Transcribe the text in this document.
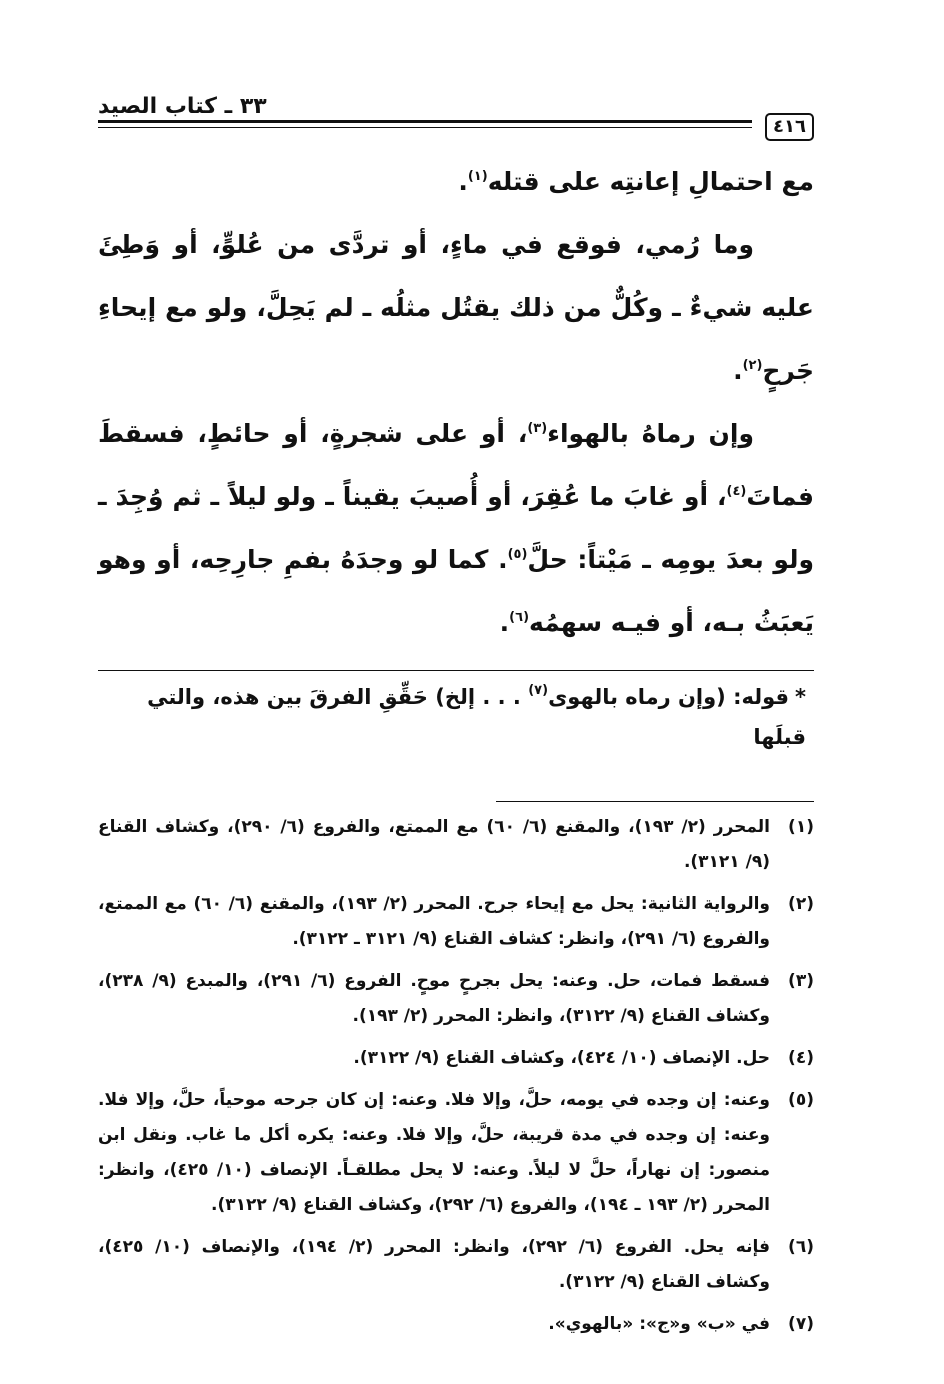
٤١٦
٣٣ ـ كتاب الصيد

مع احتمالِ إعانتِه على قتله$^{(١)}$.

وما رُمي، فوقع في ماءٍ، أو تردَّى من عُلوٍّ، أو وَطِئَ عليه شيءٌ ـ وكُلٌّ من ذلك يقتُل مثلُه ـ لم يَحِلَّ، ولو مع إيحاءِ جَرحٍ$^{(٢)}$.

وإن رماهُ بالهواء$^{(٣)}$، أو على شجرةٍ، أو حائطٍ، فسقطَ فماتَ$^{(٤)}$، أو غابَ ما عُقِرَ، أو أُصيبَ يقيناً ـ ولو ليلاً ـ ثم وُجِدَ ـ ولو بعدَ يومِه ـ مَيْتاً: حلَّ$^{(٥)}$. كما لو وجدَهُ بفمِ جارِحِه، أو وهو يَعبَثُ بـه، أو فيـه سهمُه$^{(٦)}$.

*قوله: (وإن رماه بالهوى$^{(٧)}$ . . . إلخ) حَقِّقِ الفرقَ بين هذه، والتي قبلَها
(١)
المحرر (٢/ ١٩٣)، والمقنع (٦/ ٦٠) مع الممتع، والفروع (٦/ ٢٩٠)، وكشاف القناع (٩/ ٣١٢١).
(٢)
والرواية الثانية: يحل مع إيحاء جرح. المحرر (٢/ ١٩٣)، والمقنع (٦/ ٦٠) مع الممتع، والفروع (٦/ ٢٩١)، وانظر: كشاف القناع (٩/ ٣١٢١ ـ ٣١٢٢).
(٣)
فسقط فمات، حل. وعنه: يحل بجرحٍ موحٍ. الفروع (٦/ ٢٩١)، والمبدع (٩/ ٢٣٨)، وكشاف القناع (٩/ ٣١٢٢)، وانظر: المحرر (٢/ ١٩٣).
(٤)
حل. الإنصاف (١٠/ ٤٢٤)، وكشاف القناع (٩/ ٣١٢٢).
(٥)
وعنه: إن وجده في يومه، حلَّ، وإلا فلا. وعنه: إن كان جرحه موحياً، حلَّ، وإلا فلا. وعنه: إن وجده في مدة قريبة، حلَّ، وإلا فلا. وعنه: يكره أكل ما غاب. ونقل ابن منصور: إن نهاراً، حلَّ لا ليلاً. وعنه: لا يحل مطلقـاً. الإنصاف (١٠/ ٤٢٥)، وانظر: المحرر (٢/ ١٩٣ ـ ١٩٤)، والفروع (٦/ ٢٩٢)، وكشاف القناع (٩/ ٣١٢٢).
(٦)
فإنه يحل. الفروع (٦/ ٢٩٢)، وانظر: المحرر (٢/ ١٩٤)، والإنصاف (١٠/ ٤٢٥)، وكشاف القناع (٩/ ٣١٢٢).
(٧)
في «ب» و«ج»: «بالهوي».
